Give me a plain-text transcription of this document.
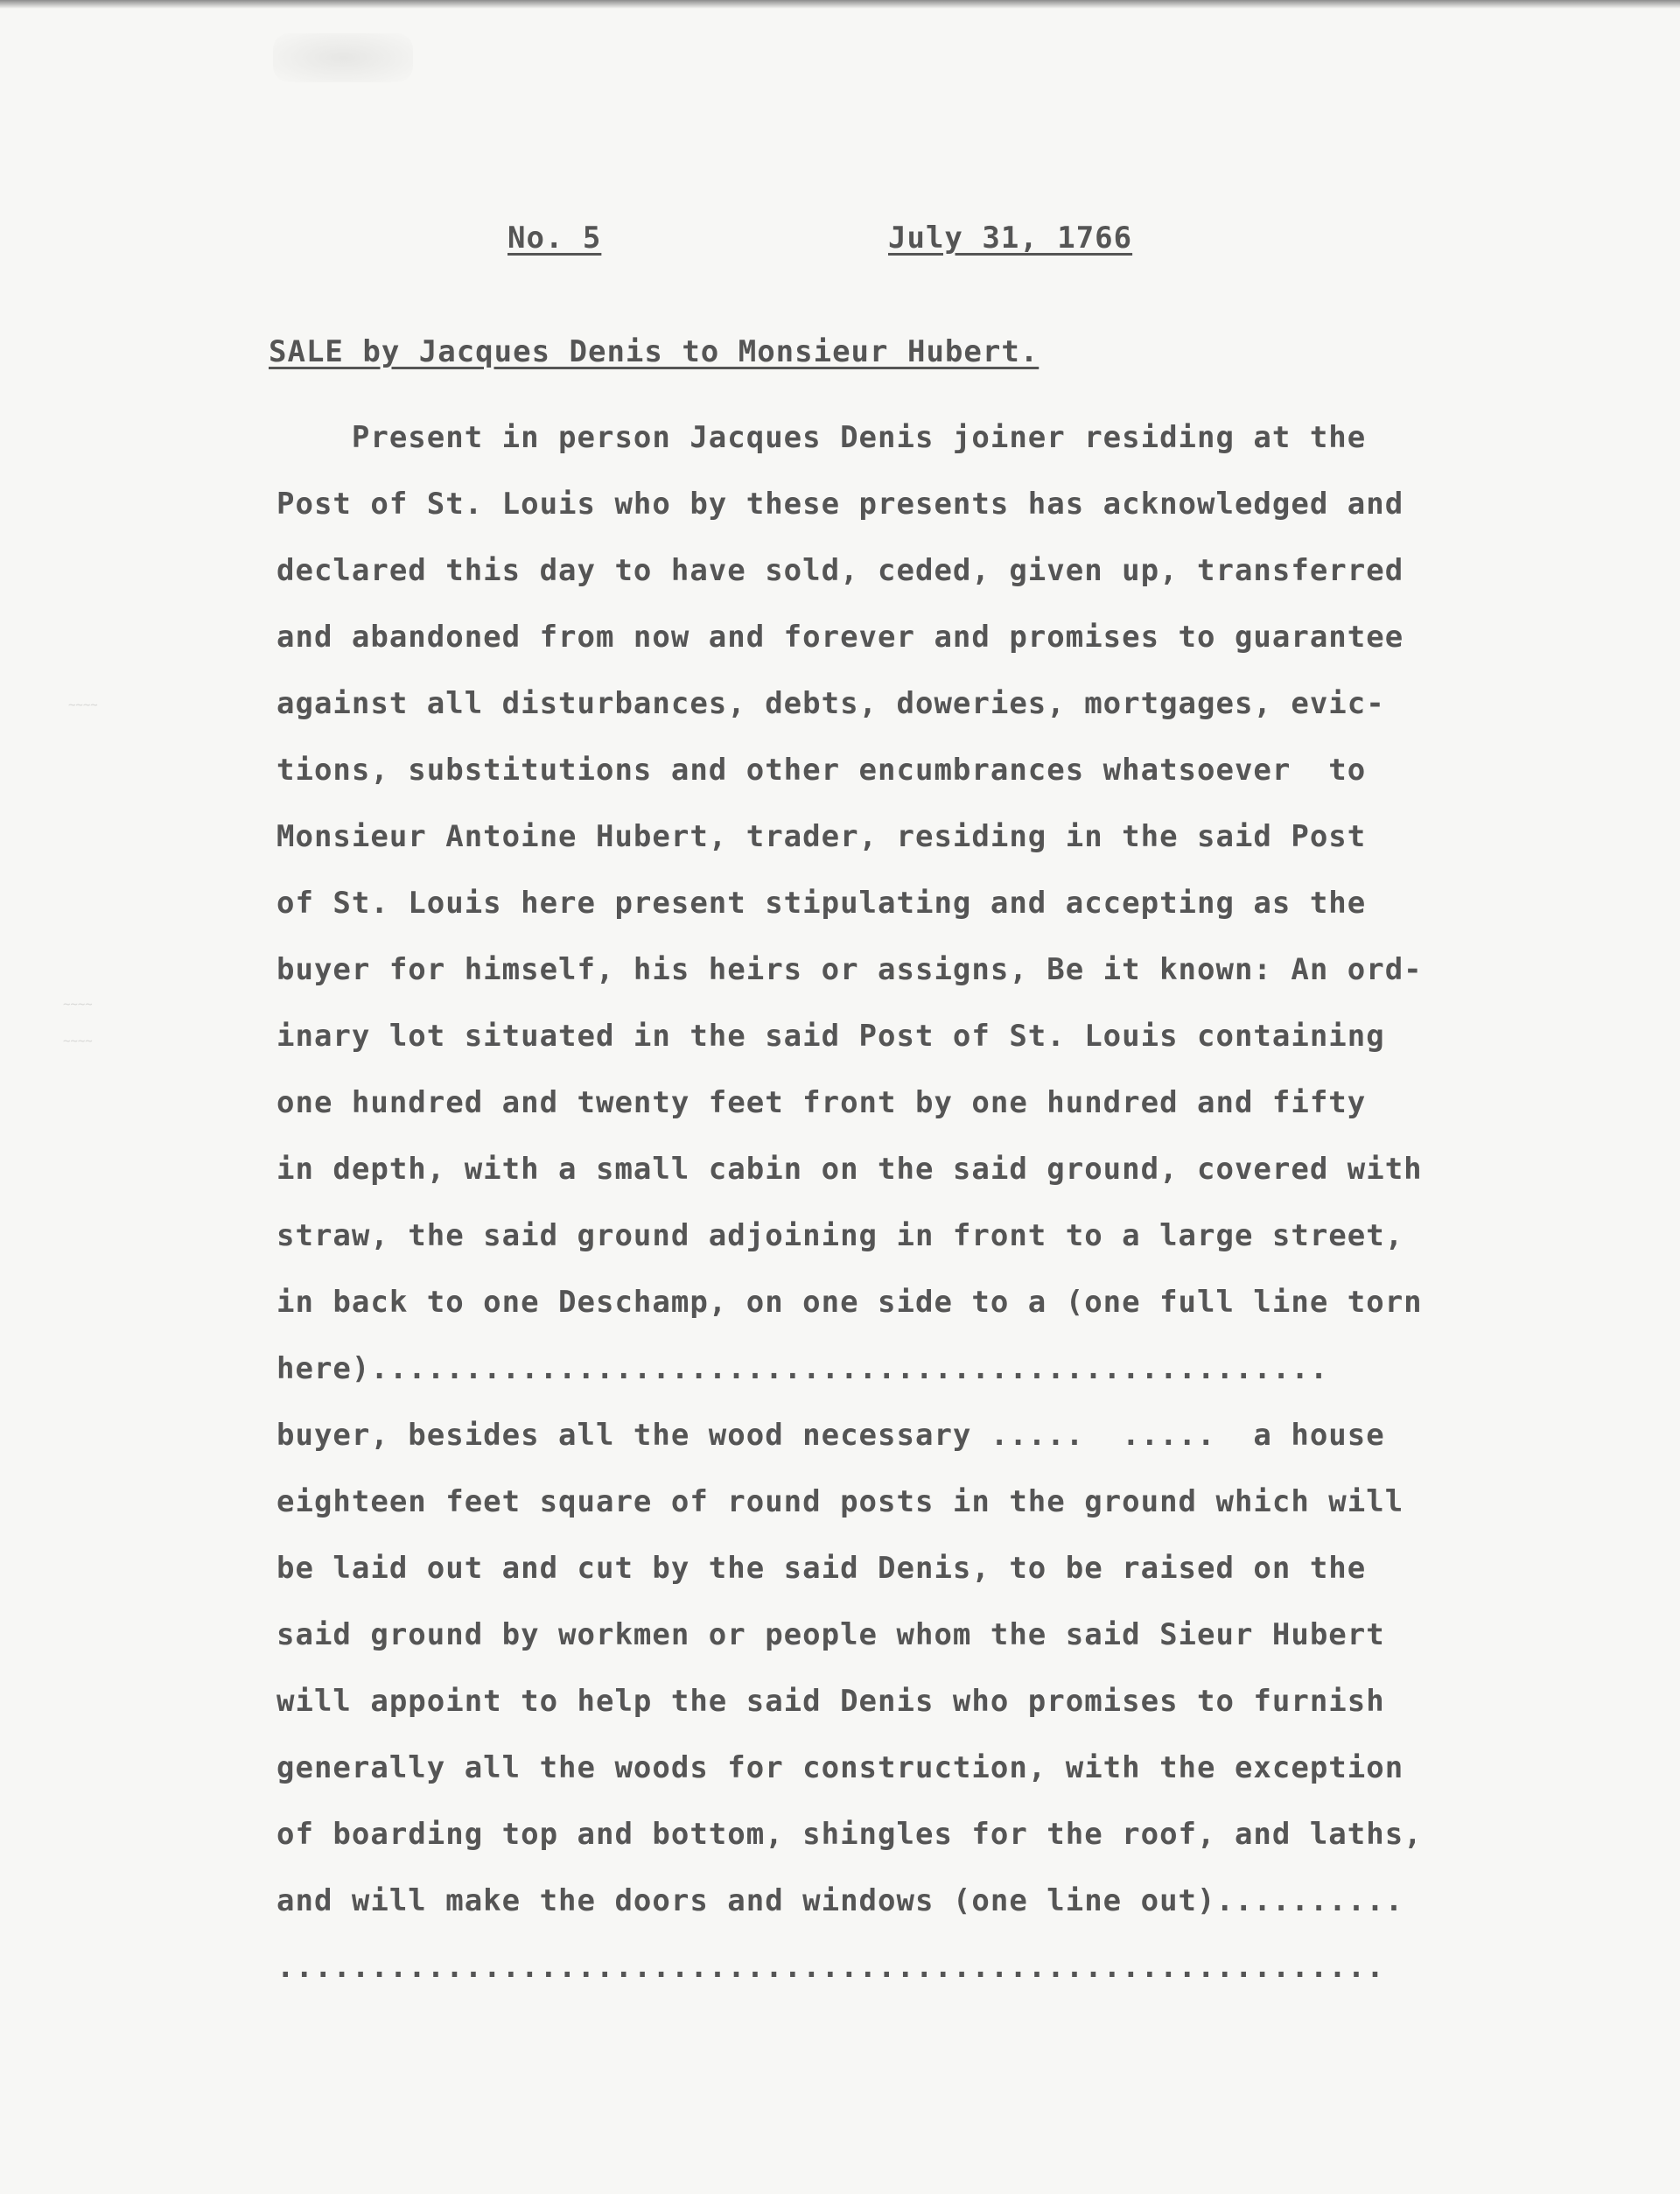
~~~~
~~~~
~~~~
No. 5	July 31, 1766
SALE by Jacques Denis to Monsieur Hubert.
Present in person Jacques Denis joiner residing at the
Post of St. Louis who by these presents has acknowledged and
declared this day to have sold, ceded, given up, transferred
and abandoned from now and forever and promises to guarantee
against all disturbances, debts, doweries, mortgages, evic-
tions, substitutions and other encumbrances whatsoever  to
Monsieur Antoine Hubert, trader, residing in the said Post
of St. Louis here present stipulating and accepting as the
buyer for himself, his heirs or assigns, Be it known: An ord-
inary lot situated in the said Post of St. Louis containing
one hundred and twenty feet front by one hundred and fifty
in depth, with a small cabin on the said ground, covered with
straw, the said ground adjoining in front to a large street,
in back to one Deschamp, on one side to a (one full line torn
here)...................................................
buyer, besides all the wood necessary .....  .....  a house
eighteen feet square of round posts in the ground which will
be laid out and cut by the said Denis, to be raised on the
said ground by workmen or people whom the said Sieur Hubert
will appoint to help the said Denis who promises to furnish
generally all the woods for construction, with the exception
of boarding top and bottom, shingles for the roof, and laths,
and will make the doors and windows (one line out)..........
...........................................................
